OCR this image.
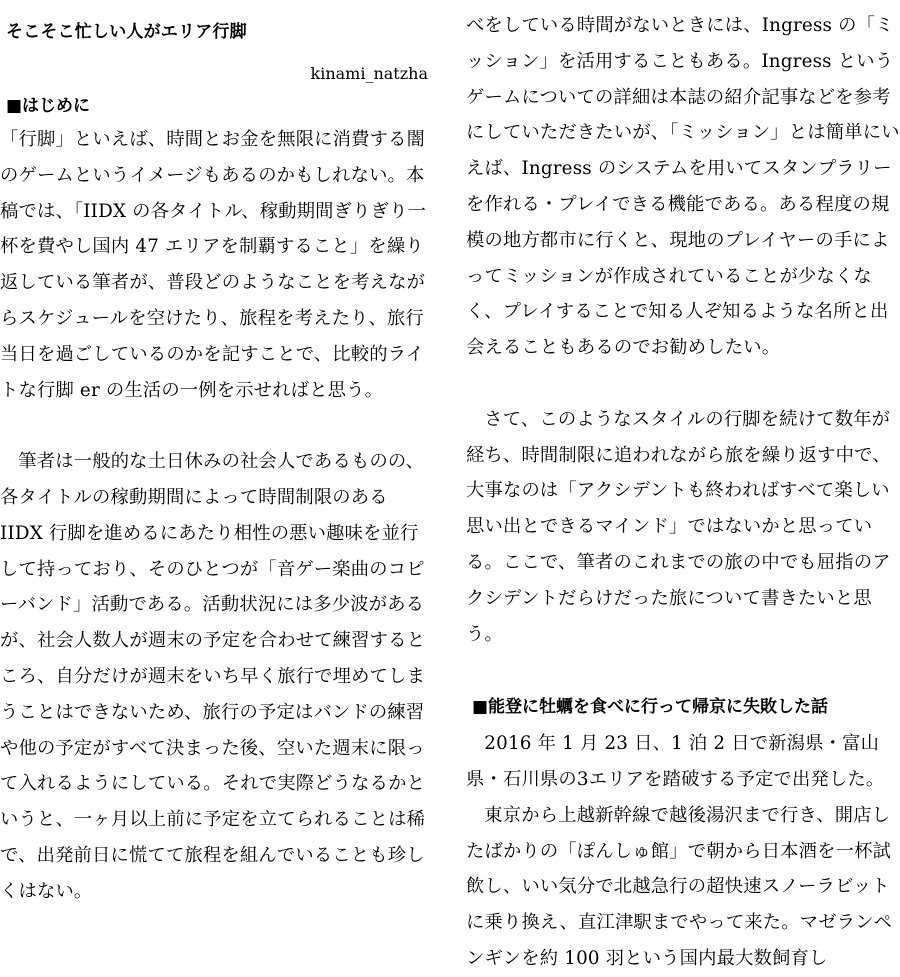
そこそこ忙しい人がエリア行脚
kinami_natzha
■はじめに

「行脚」といえば、時間とお金を無限に消費する闇のゲームというイメージもあるのかもしれない。本稿では、「IIDX の各タイトル、稼動期間ぎりぎり一杯を費やし国内 47 エリアを制覇すること」を繰り返している筆者が、普段どのようなことを考えながらスケジュールを空けたり、旅程を考えたり、旅行当日を過ごしているのかを記すことで、比較的ライトな行脚 er の生活の一例を示せればと思う。

筆者は一般的な土日休みの社会人であるものの、各タイトルの稼動期間によって時間制限のある IIDX 行脚を進めるにあたり相性の悪い趣味を並行して持っており、そのひとつが「音ゲー楽曲のコピーバンド」活動である。活動状況には多少波があるが、社会人数人が週末の予定を合わせて練習するところ、自分だけが週末をいち早く旅行で埋めてしまうことはできないため、旅行の予定はバンドの練習や他の予定がすべて決まった後、空いた週末に限って入れるようにしている。それで実際どうなるかというと、一ヶ月以上前に予定を立てられることは稀で、出発前日に慌てて旅程を組んでいることも珍しくはない。

べをしている時間がないときには、Ingress の「ミッション」を活用することもある。Ingress というゲームについての詳細は本誌の紹介記事などを参考にしていただきたいが、「ミッション」とは簡単にいえば、Ingress のシステムを用いてスタンプラリーを作れる・プレイできる機能である。ある程度の規模の地方都市に行くと、現地のプレイヤーの手によってミッションが作成されていることが少なくなく、プレイすることで知る人ぞ知るような名所と出会えることもあるのでお勧めしたい。

さて、このようなスタイルの行脚を続けて数年が経ち、時間制限に追われながら旅を繰り返す中で、大事なのは「アクシデントも終わればすべて楽しい思い出とできるマインド」ではないかと思っている。ここで、筆者のこれまでの旅の中でも屈指のアクシデントだらけだった旅について書きたいと思う。

■能登に牡蠣を食べに行って帰京に失敗した話

2016 年 1 月 23 日、1 泊 2 日で新潟県・富山県・石川県の3エリアを踏破する予定で出発した。

東京から上越新幹線で越後湯沢まで行き、開店したばかりの「ぽんしゅ館」で朝から日本酒を一杯試飲し、いい気分で北越急行の超快速スノーラビットに乗り換え、直江津駅までやって来た。マゼランペンギンを約 100 羽という国内最大数飼育し
